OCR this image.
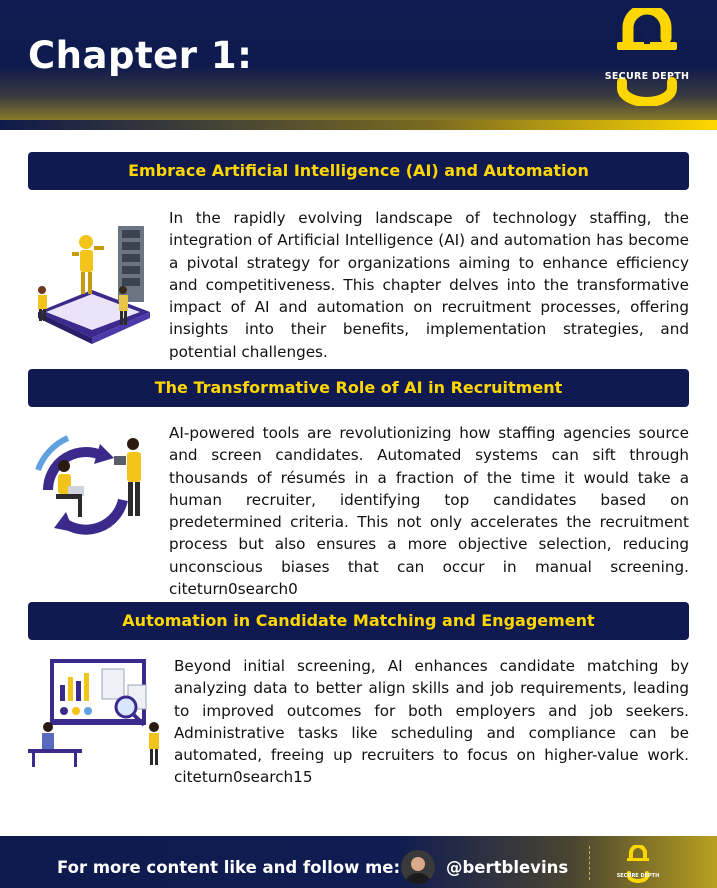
Chapter 1:	SECURE DEPTH
Embrace Artificial Intelligence (AI) and Automation
In the rapidly evolving landscape of technology staffing, the integration of Artificial Intelligence (AI) and automation has become a pivotal strategy for organizations aiming to enhance efficiency and competitiveness. This chapter delves into the transformative impact of AI and automation on recruitment processes, offering insights into their benefits, implementation strategies, and potential challenges.
The Transformative Role of AI in Recruitment
AI-powered tools are revolutionizing how staffing agencies source and screen candidates. Automated systems can sift through thousands of résumés in a fraction of the time it would take a human recruiter, identifying top candidates based on predetermined criteria. This not only accelerates the recruitment process but also ensures a more objective selection, reducing unconscious biases that can occur in manual screening. citeturn0search0
Automation in Candidate Matching and Engagement
Beyond initial screening, AI enhances candidate matching by analyzing data to better align skills and job requirements, leading to improved outcomes for both employers and job seekers. Administrative tasks like scheduling and compliance can be automated, freeing up recruiters to focus on higher-value work. citeturn0search15
For more content like and follow me:	@bertblevins	SECURE DEPTH
